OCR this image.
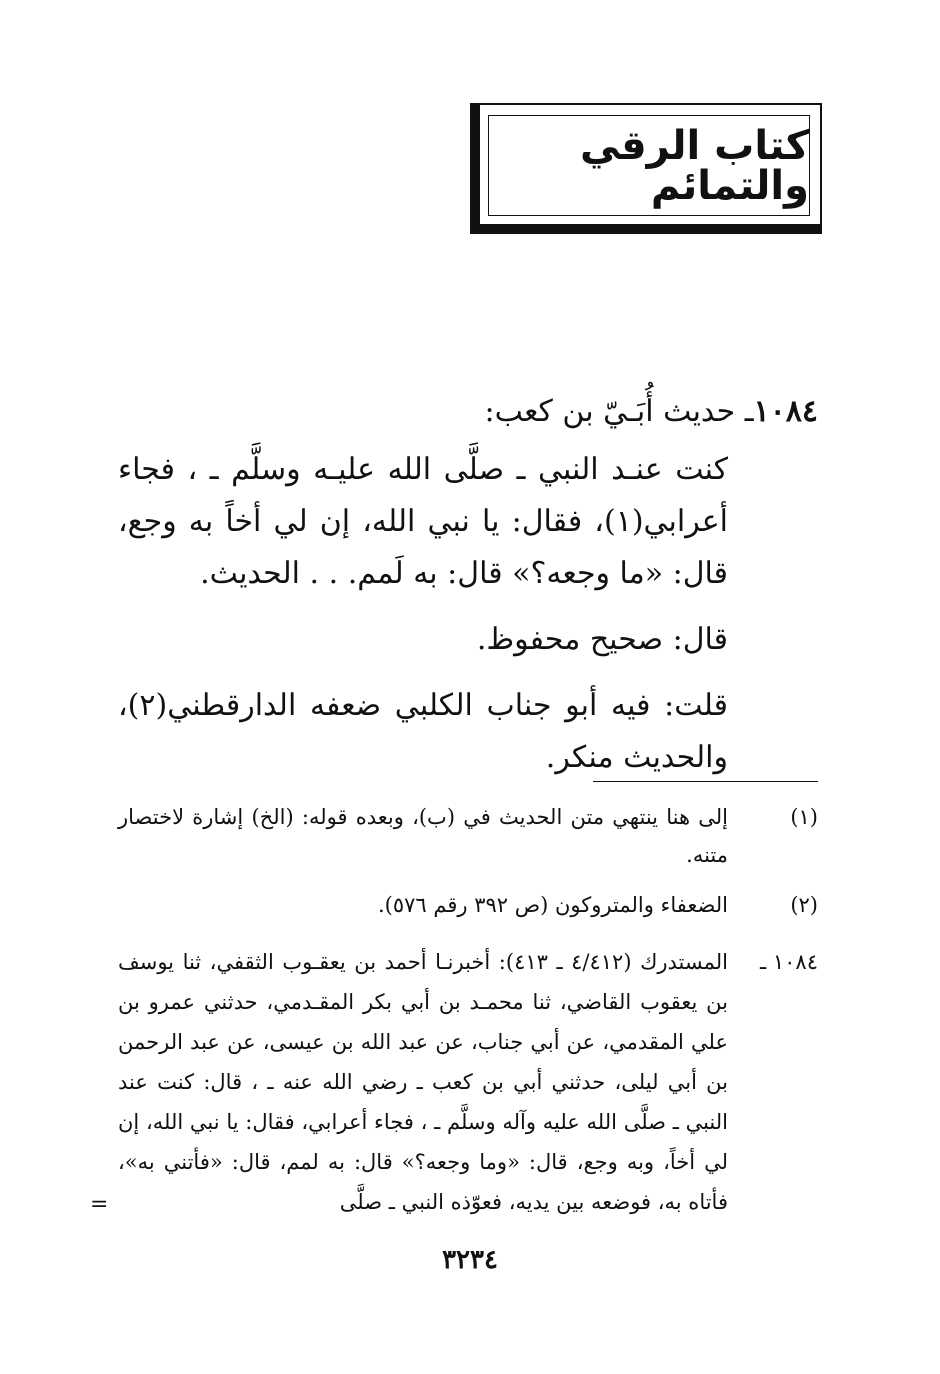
كتاب الرقي والتمائم
١٠٨٤ـ حديث أُبَـيّ بن كعب:

كنت عنـد النبي ـ صلَّى الله عليـه وسلَّم ـ ، فجاء أعرابي(١)، فقال: يا نبي الله، إن لي أخاً به وجع، قال: «ما وجعه؟» قال: به لَمم. . . الحديث.

قال: صحيح محفوظ.

قلت: فيه أبو جناب الكلبي ضعفه الدارقطني(٢)، والحديث منكر.

(١)
إلى هنا ينتهي متن الحديث في (ب)، وبعده قوله: (الخ) إشارة لاختصار متنه.
(٢)
الضعفاء والمتروكون (ص ٣٩٢ رقم ٥٧٦).
١٠٨٤ ـ
المستدرك (٤/٤١٢ ـ ٤١٣): أخبرنـا أحمد بن يعقـوب الثقفي، ثنا يوسف بن يعقوب القاضي، ثنا محمـد بن أبي بكر المقـدمي، حدثني عمرو بن علي المقدمي، عن أبي جناب، عن عبد الله بن عيسى، عن عبد الرحمن بن أبي ليلى، حدثني أبي بن كعب ـ رضي الله عنه ـ ، قال: كنت عند النبي ـ صلَّى الله عليه وآله وسلَّم ـ ، فجاء أعرابي، فقال: يا نبي الله، إن لي أخاً، وبه وجع، قال: «وما وجعه؟» قال: به لمم، قال: «فأتني به»، فأتاه به، فوضعه بين يديه، فعوّذه النبي ـ صلَّى
=
٣٢٣٤
